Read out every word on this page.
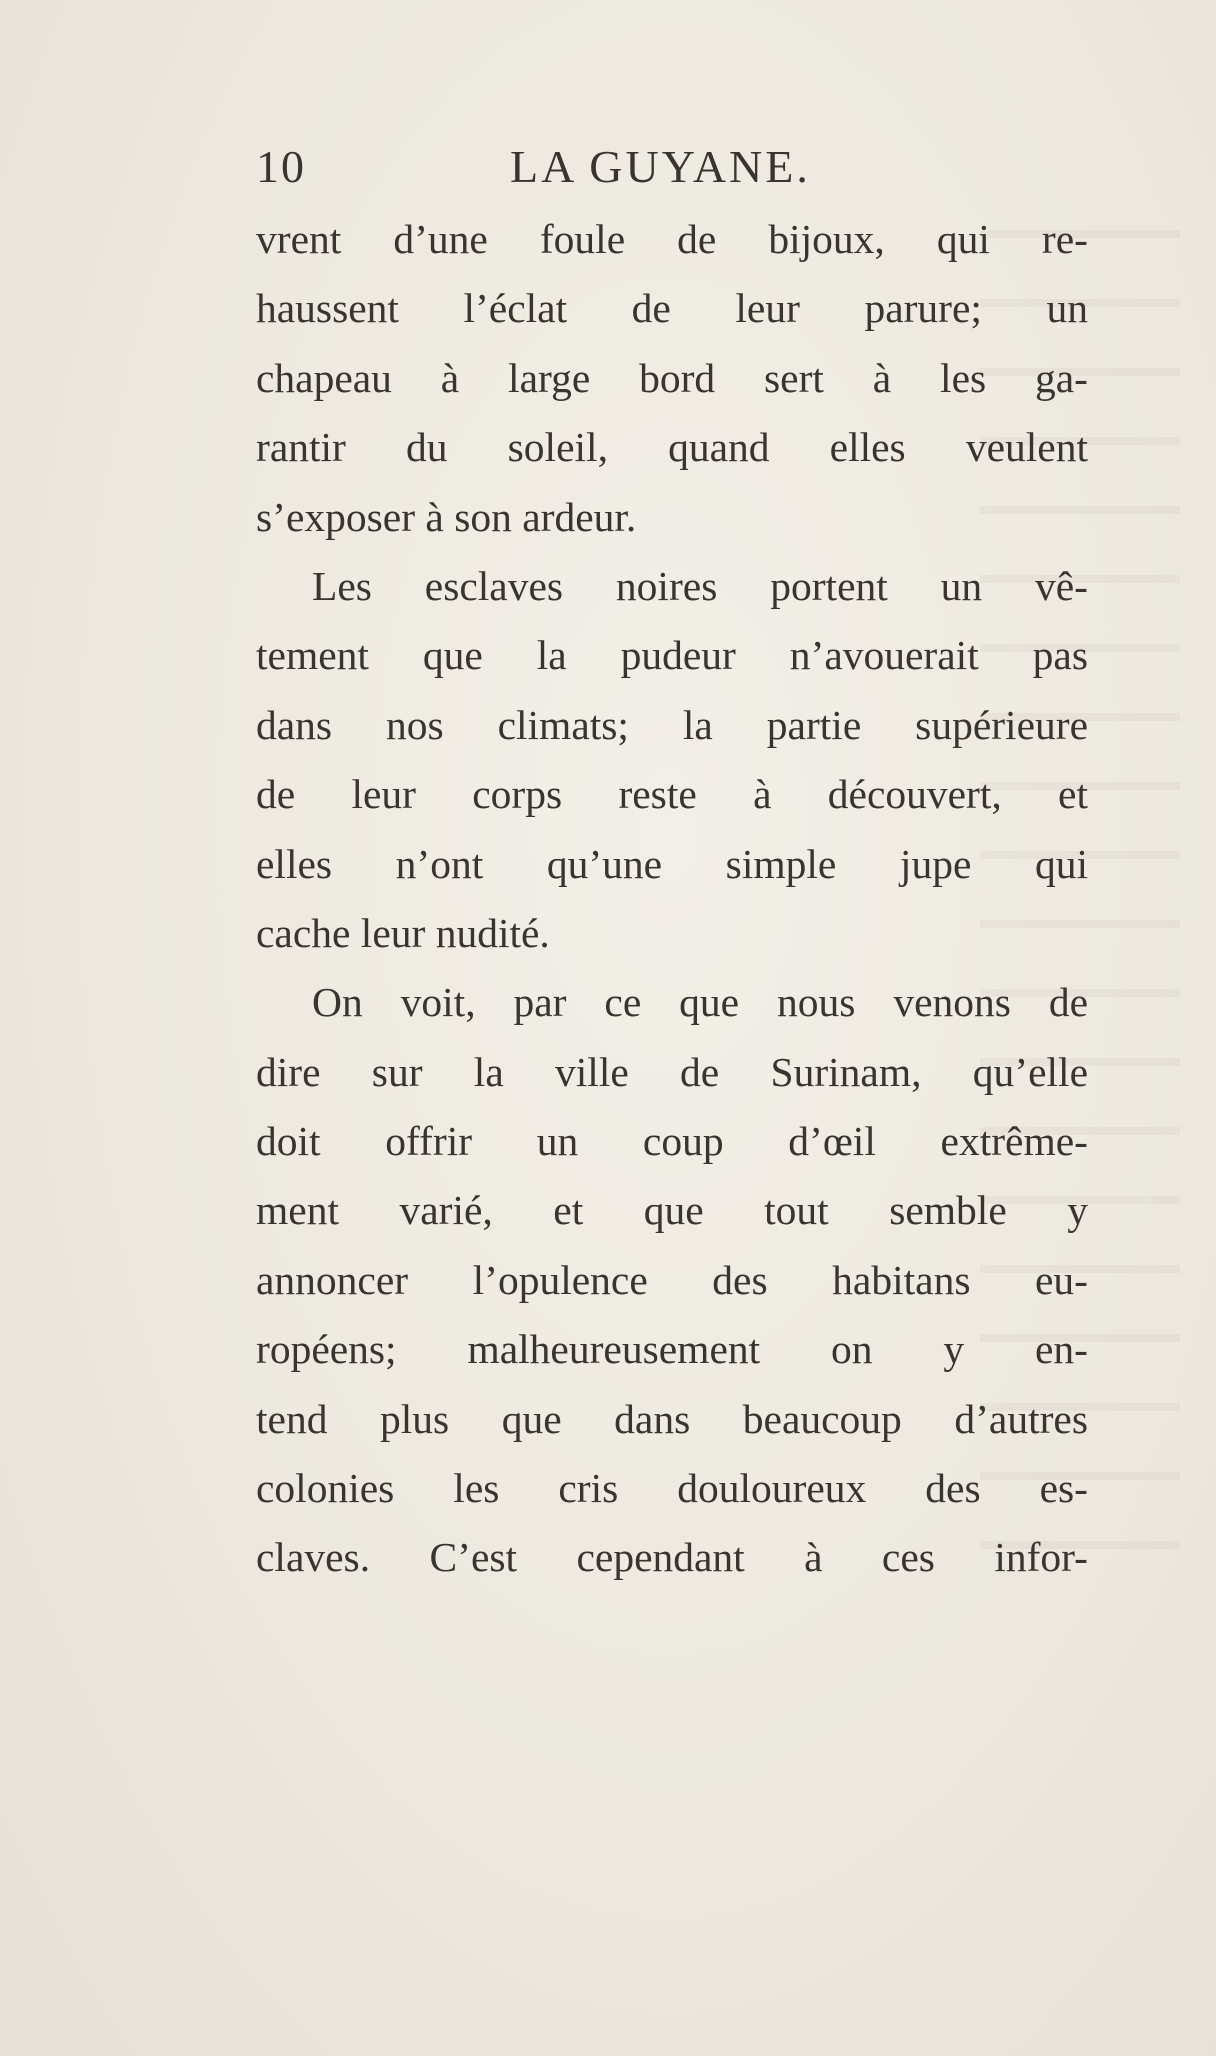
10	LA GUYANE.
vrent d’une foule de bijoux, qui re-
haussent l’éclat de leur parure; un
chapeau à large bord sert à les ga-
rantir du soleil, quand elles veulent
s’exposer à son ardeur.
Les esclaves noires portent un vê-
tement que la pudeur n’avouerait pas
dans nos climats; la partie supérieure
de leur corps reste à découvert, et
elles n’ont qu’une simple jupe qui
cache leur nudité.
On voit, par ce que nous venons de
dire sur la ville de Surinam, qu’elle
doit offrir un coup d’œil extrême-
ment varié, et que tout semble y
annoncer l’opulence des habitans eu-
ropéens; malheureusement on y en-
tend plus que dans beaucoup d’autres
colonies les cris douloureux des es-
claves. C’est cependant à ces infor-
